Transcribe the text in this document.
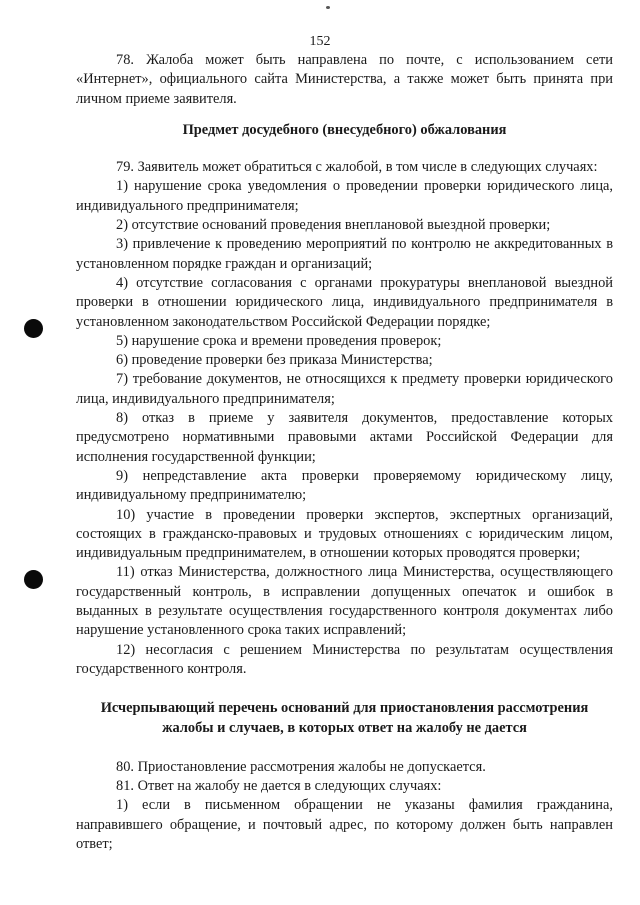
152

78. Жалоба может быть направлена по почте, с использованием сети «Интернет», официального сайта Министерства, а также может быть принята при личном приеме заявителя.

Предмет досудебного (внесудебного) обжалования

79. Заявитель может обратиться с жалобой, в том числе в следующих случаях:

1) нарушение срока уведомления о проведении проверки юридического лица, индивидуального предпринимателя;

2) отсутствие оснований проведения внеплановой выездной проверки;

3) привлечение к проведению мероприятий по контролю не аккредитованных в установленном порядке граждан и организаций;

4) отсутствие согласования с органами прокуратуры внеплановой выездной проверки в отношении юридического лица, индивидуального предпринимателя в установленном законодательством Российской Федерации порядке;

5) нарушение срока и времени проведения проверок;

6) проведение проверки без приказа Министерства;

7) требование документов, не относящихся к предмету проверки юридического лица, индивидуального предпринимателя;

8) отказ в приеме у заявителя документов, предоставление которых предусмотрено нормативными правовыми актами Российской Федерации для исполнения государственной функции;

9) непредставление акта проверки проверяемому юридическому лицу, индивидуальному предпринимателю;

10) участие в проведении проверки экспертов, экспертных организаций, состоящих в гражданско-правовых и трудовых отношениях с юридическим лицом, индивидуальным предпринимателем, в отношении которых проводятся проверки;

11) отказ Министерства, должностного лица Министерства, осуществляющего государственный контроль, в исправлении допущенных опечаток и ошибок в выданных в результате осуществления государственного контроля документах либо нарушение установленного срока таких исправлений;

12) несогласия с решением Министерства по результатам осуществления государственного контроля.

Исчерпывающий перечень оснований для приостановления рассмотрения жалобы и случаев, в которых ответ на жалобу не дается

80. Приостановление рассмотрения жалобы не допускается.

81. Ответ на жалобу не дается в следующих случаях:

1) если в письменном обращении не указаны фамилия гражданина, направившего обращение, и почтовый адрес, по которому должен быть направлен ответ;
